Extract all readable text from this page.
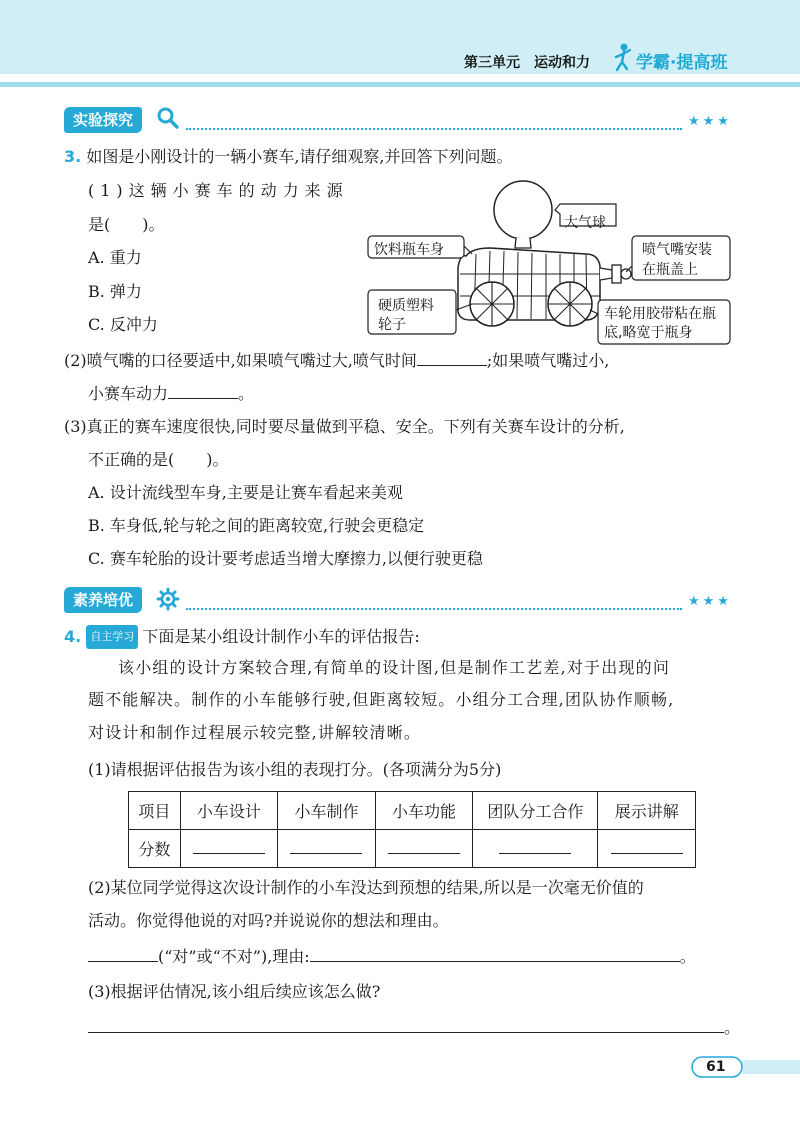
第三单元　运动和力	学霸·提高班
实验探究	★★★
3. 如图是小刚设计的一辆小赛车,请仔细观察,并回答下列问题。
(1)这辆小赛车的动力来源
是(　　)。
A. 重力
B. 弹力
C. 反冲力
大气球
饮料瓶车身	喷气嘴安装
在瓶盖上
硬质塑料
轮子
车轮用胶带粘在瓶
底,略宽于瓶身
(2)喷气嘴的口径要适中,如果喷气嘴过大,喷气时间	;如果喷气嘴过小,
小赛车动力	。
(3)真正的赛车速度很快,同时要尽量做到平稳、安全。下列有关赛车设计的分析,
不正确的是(　　)。
A. 设计流线型车身,主要是让赛车看起来美观
B. 车身低,轮与轮之间的距离较宽,行驶会更稳定
C. 赛车轮胎的设计要考虑适当增大摩擦力,以便行驶更稳
素养培优	★★★
4. 自主学习 下面是某小组设计制作小车的评估报告:
该小组的设计方案较合理,有简单的设计图,但是制作工艺差,对于出现的问
题不能解决。制作的小车能够行驶,但距离较短。小组分工合理,团队协作顺畅,
对设计和制作过程展示较完整,讲解较清晰。
(1)请根据评估报告为该小组的表现打分。(各项满分为5分)
项目	小车设计	小车制作	小车功能	团队分工合作	展示讲解
分数					
(2)某位同学觉得这次设计制作的小车没达到预想的结果,所以是一次毫无价值的
活动。你觉得他说的对吗?并说说你的想法和理由。
(“对”或“不对”),理由:	。
(3)根据评估情况,该小组后续应该怎么做?
。
61
